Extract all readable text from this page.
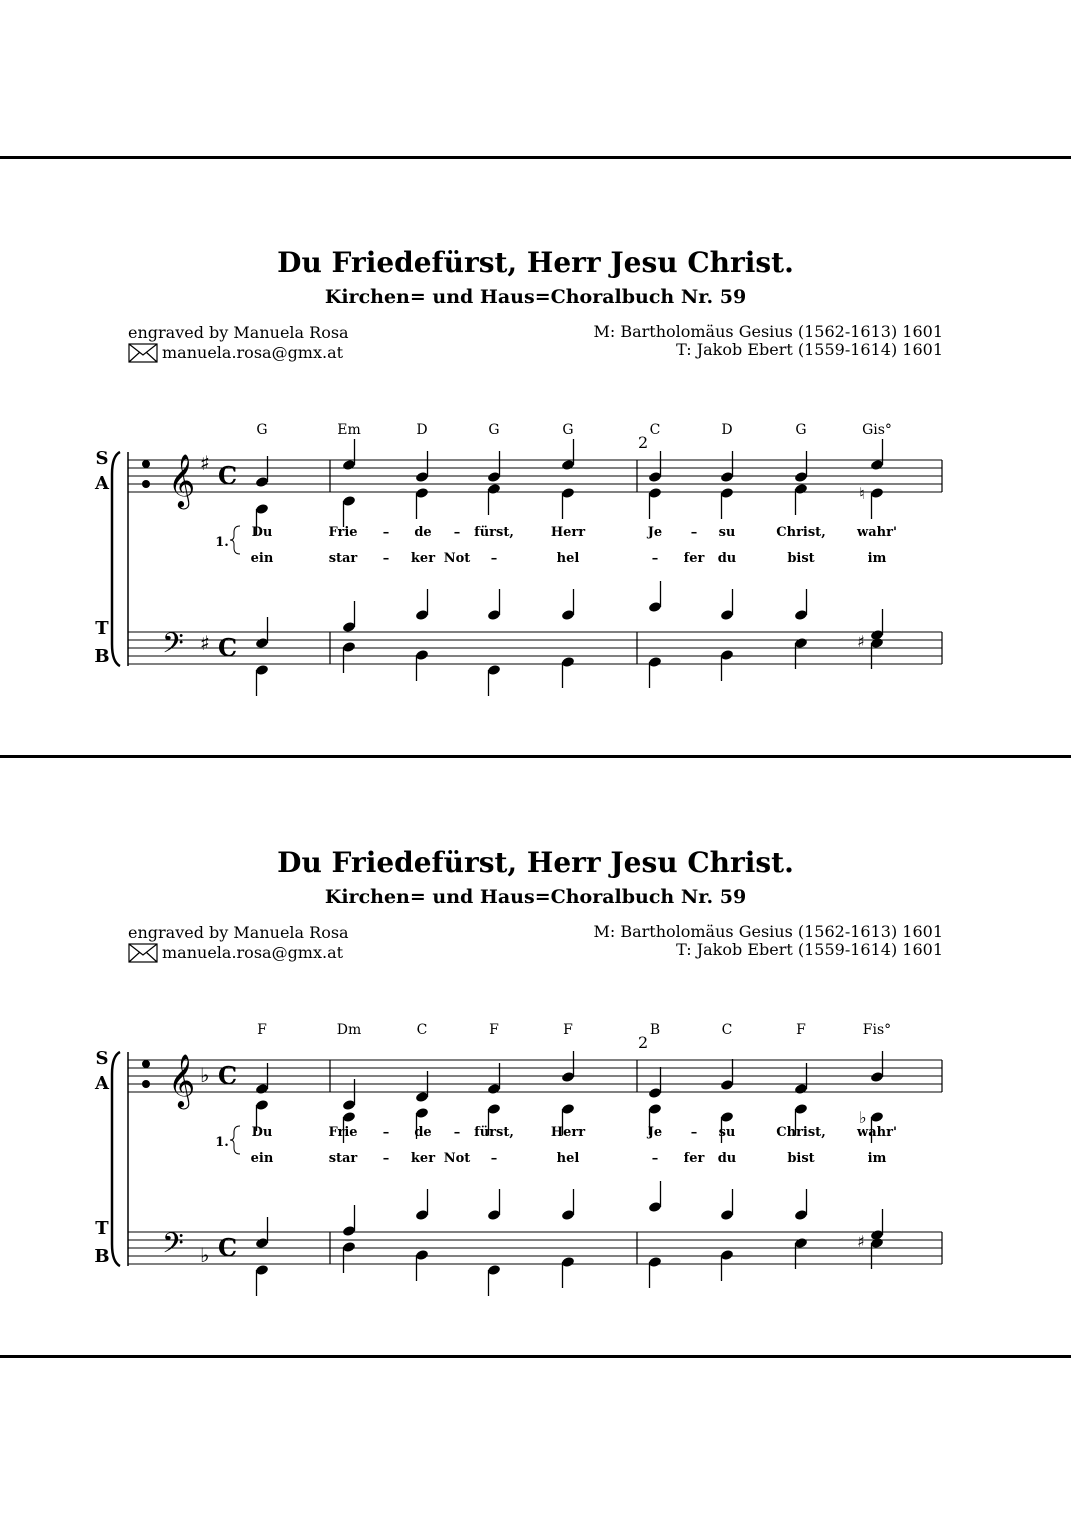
Du Friedefürst, Herr Jesu Christ.
Kirchen= und Haus=Choralbuch Nr. 59
engraved by Manuela Rosa
manuela.rosa@gmx.at
M: Bartholomäus Gesius (1562-1613) 1601
T: Jakob Ebert (1559-1614) 1601
G	Em	D	G	G	C	D	G	Gis°
2
S
A
T
B
𝄞
𝄢
♯
♯
C
C
♮
♯
1.
Du	Frie – de – fürst,	Herr	Je – su	Christ, wahr'
ein	star – ker Not –	hel	– fer du	bist	im
Du Friedefürst, Herr Jesu Christ.
Kirchen= und Haus=Choralbuch Nr. 59
engraved by Manuela Rosa
manuela.rosa@gmx.at
M: Bartholomäus Gesius (1562-1613) 1601
T: Jakob Ebert (1559-1614) 1601
F	Dm	C	F	F	B	C	F	Fis°
2
S
A
T
B
𝄞
𝄢
♭
♭
C
C
♭
♯
1.
Du	Frie – de – fürst,	Herr	Je – su	Christ, wahr'
ein	star – ker Not –	hel	– fer du	bist	im
